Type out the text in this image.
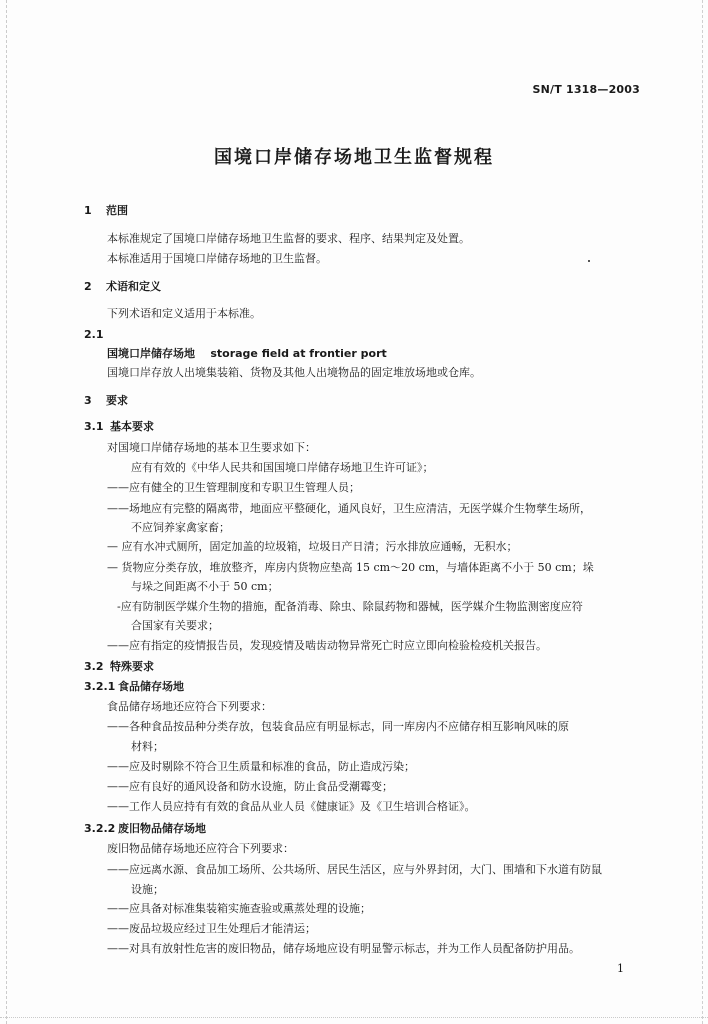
SN/T 1318—2003
国境口岸储存场地卫生监督规程
1 范围
本标准规定了国境口岸储存场地卫生监督的要求、程序、结果判定及处置。
本标准适用于国境口岸储存场地的卫生监督。
2 术语和定义
下列术语和定义适用于本标准。
2.1
国境口岸储存场地 storage field at frontier port
国境口岸存放人出境集装箱、货物及其他人出境物品的固定堆放场地或仓库。
3 要求
3.1 基本要求
对国境口岸储存场地的基本卫生要求如下：
应有有效的《中华人民共和国国境口岸储存场地卫生许可证》；
——应有健全的卫生管理制度和专职卫生管理人员；
——场地应有完整的隔离带，地面应平整硬化，通风良好，卫生应清洁，无医学媒介生物孳生场所，
不应饲养家禽家畜；
— 应有水冲式厕所，固定加盖的垃圾箱，垃圾日产日清；污水排放应通畅，无积水；
— 货物应分类存放，堆放整齐，库房内货物应垫高 15 cm～20 cm，与墙体距离不小于 50 cm；垛
与垛之间距离不小于 50 cm；
-应有防制医学媒介生物的措施，配备消毒、除虫、除鼠药物和器械，医学媒介生物监测密度应符
合国家有关要求；
——应有指定的疫情报告员，发现疫情及啮齿动物异常死亡时应立即向检验检疫机关报告。
3.2 特殊要求
3.2.1 食品储存场地
食品储存场地还应符合下列要求：
——各种食品按品种分类存放，包装食品应有明显标志，同一库房内不应储存相互影响风味的原
材料；
——应及时剔除不符合卫生质量和标准的食品，防止造成污染；
——应有良好的通风设备和防水设施，防止食品受潮霉变；
——工作人员应持有有效的食品从业人员《健康证》及《卫生培训合格证》。
3.2.2 废旧物品储存场地
废旧物品储存场地还应符合下列要求：
——应远离水源、食品加工场所、公共场所、居民生活区，应与外界封闭，大门、围墙和下水道有防鼠
设施；
——应具备对标准集装箱实施查验或熏蒸处理的设施；
——废品垃圾应经过卫生处理后才能清运；
——对具有放射性危害的废旧物品，储存场地应设有明显警示标志，并为工作人员配备防护用品。
1
